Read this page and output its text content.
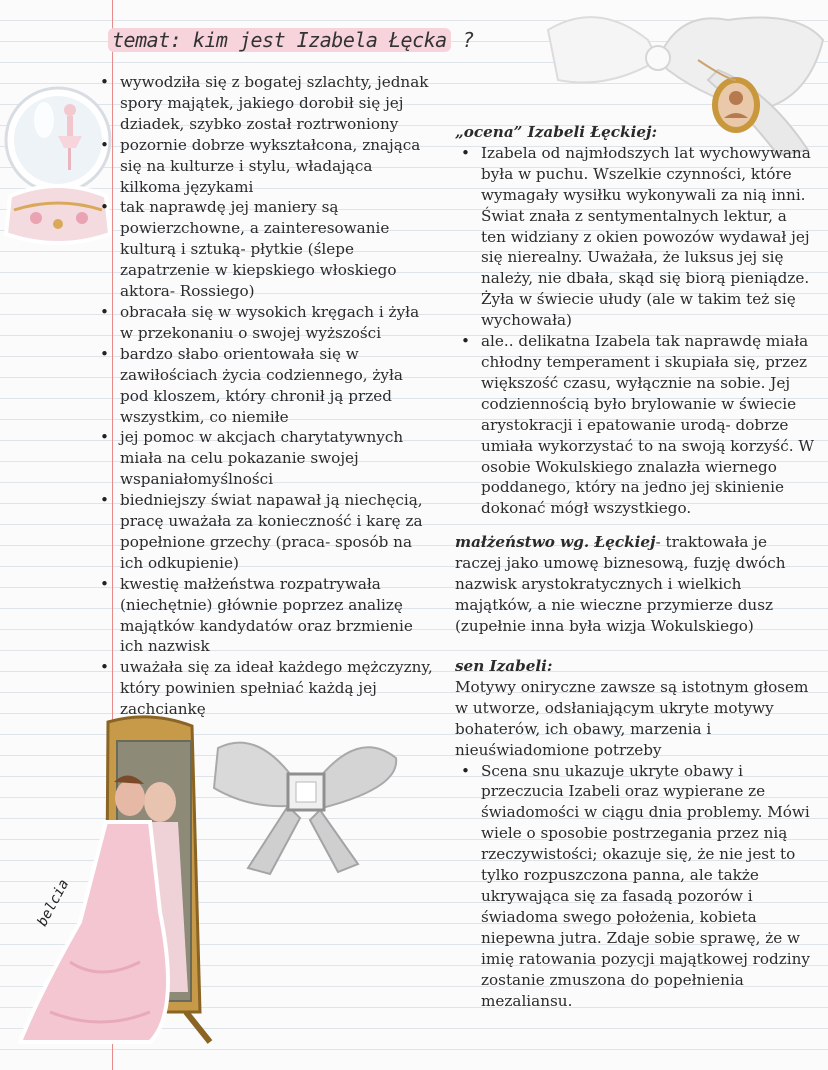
temat: kim jest Izabela Łęcka ?
belcia
• wywodziła się z bogatej szlachty, jednak spory majątek, jakiego dorobił się jej dziadek, szybko został roztrwoniony
• pozornie dobrze wykształcona, znająca się na kulturze i stylu, władająca kilkoma językami
• tak naprawdę jej maniery są powierzchowne, a zainteresowanie kulturą i sztuką- płytkie (ślepe zapatrzenie w kiepskiego włoskiego aktora- Rossiego)
• obracała się w wysokich kręgach i żyła w przekonaniu o swojej wyższości
• bardzo słabo orientowała się w zawiłościach życia codziennego, żyła pod kloszem, który chronił ją przed wszystkim, co niemiłe
• jej pomoc w akcjach charytatywnych miała na celu pokazanie swojej wspaniałomyślności
• biedniejszy świat napawał ją niechęcią, pracę uważała za konieczność i karę za popełnione grzechy (praca- sposób na ich odkupienie)
• kwestię małżeństwa rozpatrywała (niechętnie) głównie poprzez analizę majątków kandydatów oraz brzmienie ich nazwisk
• uważała się za ideał każdego mężczyzny, który powinien spełniać każdą jej zachciankę
„ocena” Izabeli Łęckiej:
• Izabela od najmłodszych lat wychowywana była w puchu. Wszelkie czynności, które wymagały wysiłku wykonywali za nią inni. Świat znała z sentymentalnych lektur, a ten widziany z okien powozów wydawał jej się nierealny. Uważała, że luksus jej się należy, nie dbała, skąd się biorą pieniądze. Żyła w świecie ułudy (ale w takim też się wychowała)
• ale.. delikatna Izabela tak naprawdę miała chłodny temperament i skupiała się, przez większość czasu, wyłącznie na sobie. Jej codziennością było brylowanie w świecie arystokracji i epatowanie urodą- dobrze umiała wykorzystać to na swoją korzyść. W osobie Wokulskiego znalazła wiernego poddanego, który na jedno jej skinienie dokonać mógł wszystkiego.
małżeństwo wg. Łęckiej- traktowała je raczej jako umowę biznesową, fuzję dwóch nazwisk arystokratycznych i wielkich majątków, a nie wieczne przymierze dusz (zupełnie inna była wizja Wokulskiego)
sen Izabeli:
Motywy oniryczne zawsze są istotnym głosem w utworze, odsłaniającym ukryte motywy bohaterów, ich obawy, marzenia i nieuświadomione potrzeby
• Scena snu ukazuje ukryte obawy i przeczucia Izabeli oraz wypierane ze świadomości w ciągu dnia problemy. Mówi wiele o sposobie postrzegania przez nią rzeczywistości; okazuje się, że nie jest to tylko rozpuszczona panna, ale także ukrywająca się za fasadą pozorów i świadoma swego położenia, kobieta niepewna jutra. Zdaje sobie sprawę, że w imię ratowania pozycji majątkowej rodziny zostanie zmuszona do popełnienia mezaliansu.
